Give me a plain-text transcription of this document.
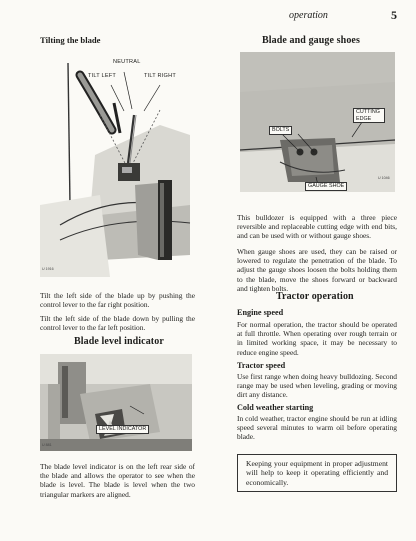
operation	5
Tilting the blade
NEUTRAL
TILT LEFT	TILT RIGHT
U 1916
Tilt the left side of the blade up by pushing the control lever to the far right position.
Tilt the left side of the blade down by pulling the control lever to the far left position.
Blade level indicator
LEVEL INDICATOR
U 881
The blade level indicator is on the left rear side of the blade and allows the operator to see when the blade is level. The blade is level when the two triangular markers are aligned.
Blade and gauge shoes
CUTTING EDGE
BOLTS
GAUGE SHOE
U 1046
This bulldozer is equipped with a three piece reversible and replaceable cutting edge with end bits, and can be used with or without gauge shoes.
When gauge shoes are used, they can be raised or lowered to regulate the penetration of the blade. To adjust the gauge shoes loosen the bolts holding them to the blade, move the shoes forward or backward and tighten bolts.
Tractor operation
Engine speed
For normal operation, the tractor should be operated at full throttle. When operating over rough terrain or in limited working space, it may be necessary to reduce engine speed.
Tractor speed
Use first range when doing heavy bulldozing. Second range may be used when leveling, grading or moving dirt any distance.
Cold weather starting
In cold weather, tractor engine should be run at idling speed several minutes to warm oil before operating blade.
Keeping your equipment in proper adjustment will help to keep it operating efficiently and economically.
